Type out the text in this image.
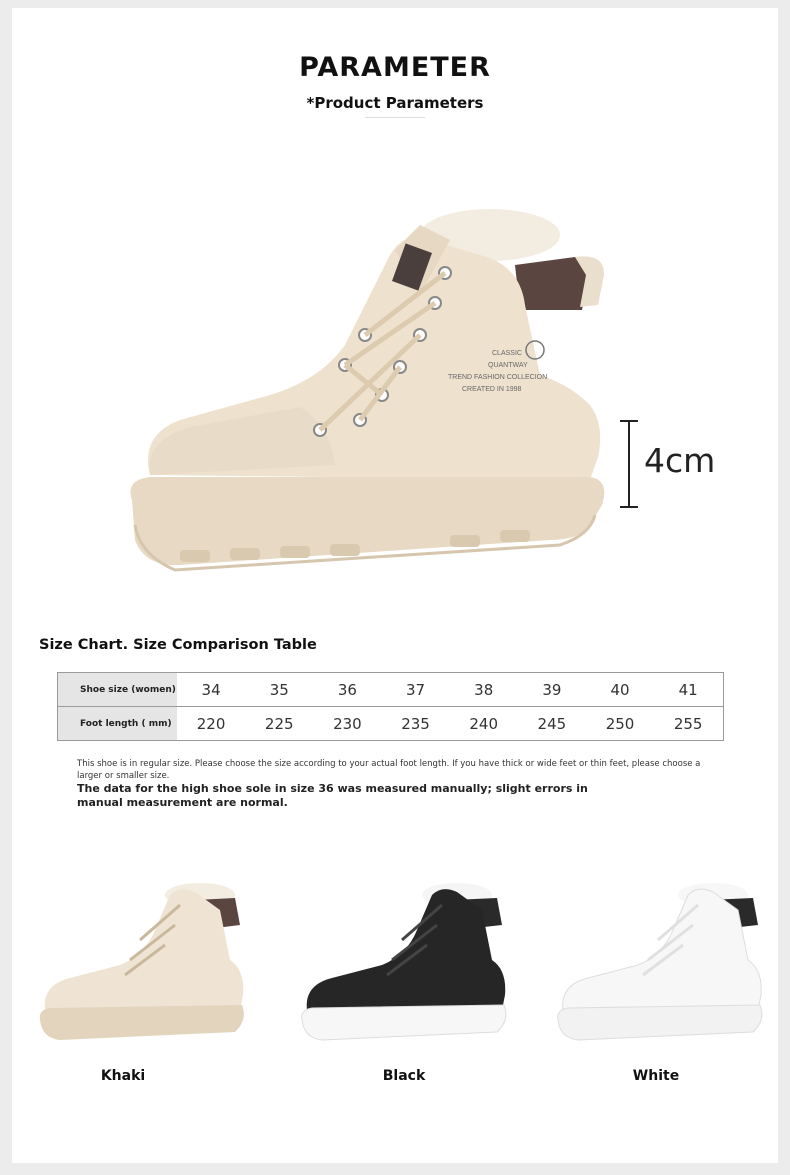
PARAMETER
*Product Parameters
CLASSIC
QUANTWAY
TREND FASHION COLLECION
CREATED IN 1998
4cm
Size Chart. Size Comparison Table
Shoe size (women)	34	35	36	37	38	39	40	41	
Foot length ( mm)	220	225	230	235	240	245	250	255	
This shoe is in regular size. Please choose the size according to your actual foot length. If you have thick or wide feet or thin feet, please choose a larger or smaller size.
The data for the high shoe sole in size 36 was measured manually; slight errors in manual measurement are normal.
Khaki	Black	White
